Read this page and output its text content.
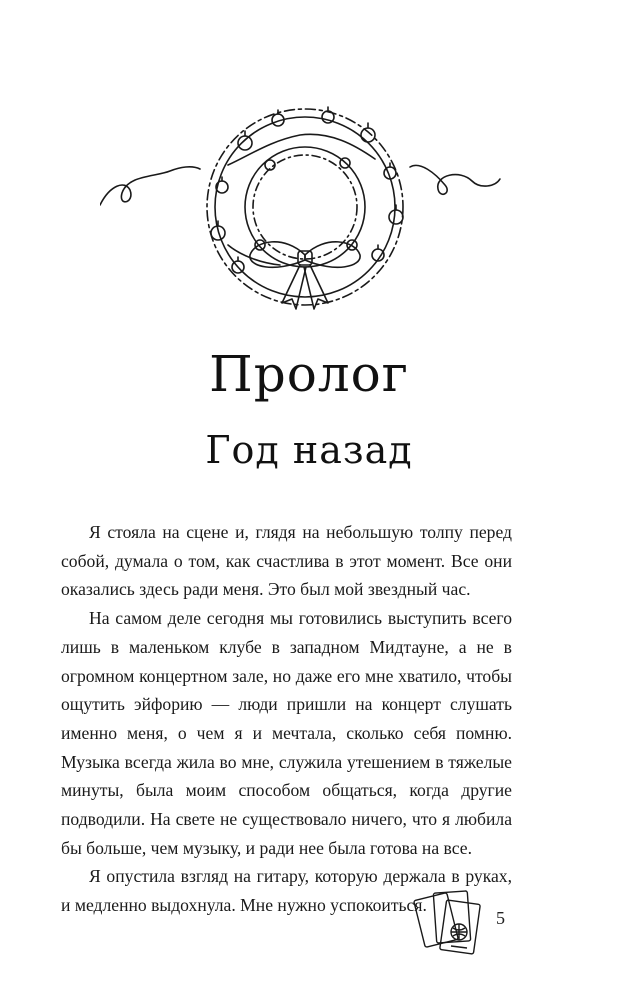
Пролог
Год назад

Я стояла на сцене и, глядя на небольшую толпу перед собой, думала о том, как счастлива в этот момент. Все они оказались здесь ради меня. Это был мой звездный час.

На самом деле сегодня мы готовились выступить всего лишь в маленьком клубе в западном Мидтауне, а не в огромном концертном зале, но даже его мне хватило, чтобы ощутить эйфорию — люди пришли на концерт слушать именно меня, о чем я и мечтала, сколько себя помню. Музыка всегда жила во мне, служила утешением в тяжелые минуты, была моим способом общаться, когда другие подводили. На свете не существовало ничего, что я любила бы больше, чем музыку, и ради нее была готова на все.

Я опустила взгляд на гитару, которую держала в руках, и медленно выдохнула. Мне нужно успокоиться.

5
